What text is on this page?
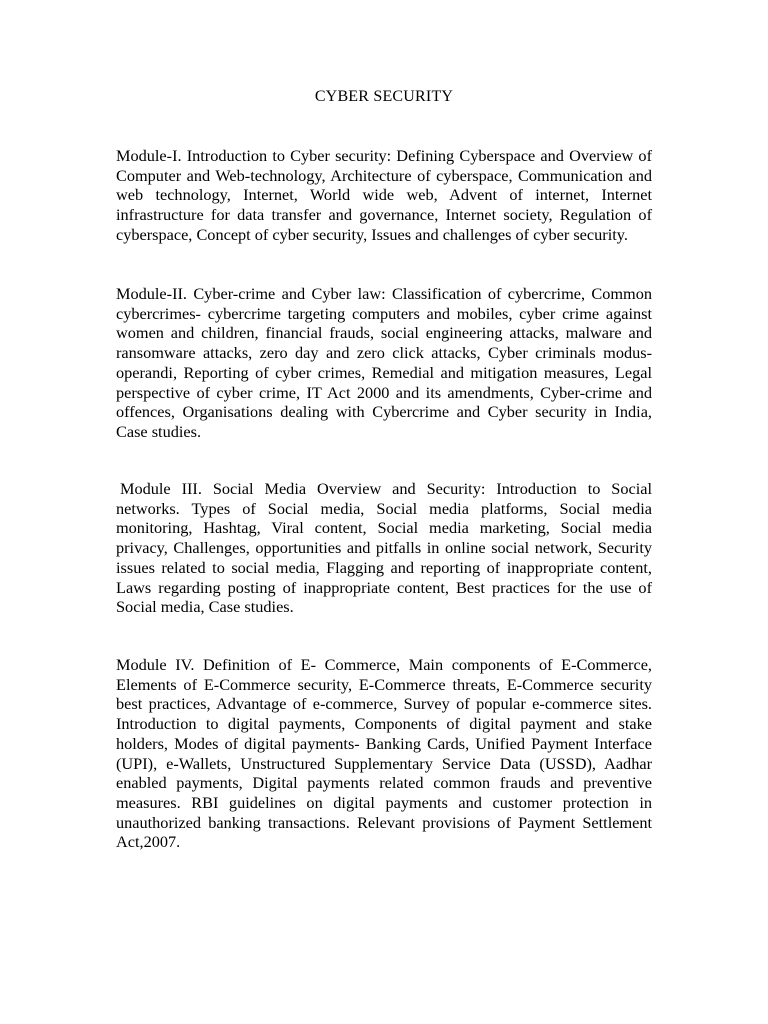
CYBER SECURITY

Module-I. Introduction to Cyber security: Defining Cyberspace and Overview of Computer and Web-technology, Architecture of cyberspace, Communication and web technology, Internet, World wide web, Advent of internet, Internet infrastructure for data transfer and governance, Internet society, Regulation of cyberspace, Concept of cyber security, Issues and challenges of cyber security.

Module-II. Cyber-crime and Cyber law: Classification of cybercrime, Common cybercrimes- cybercrime targeting computers and mobiles, cyber crime against women and children, financial frauds, social engineering attacks, malware and ransomware attacks, zero day and zero click attacks, Cyber criminals modus-operandi, Reporting of cyber crimes, Remedial and mitigation measures, Legal perspective of cyber crime, IT Act 2000 and its amendments, Cyber-crime and offences, Organisations dealing with Cybercrime and Cyber security in India, Case studies.

Module III. Social Media Overview and Security: Introduction to Social networks. Types of Social media, Social media platforms, Social media monitoring, Hashtag, Viral content, Social media marketing, Social media privacy, Challenges, opportunities and pitfalls in online social network, Security issues related to social media, Flagging and reporting of inappropriate content, Laws regarding posting of inappropriate content, Best practices for the use of Social media, Case studies.

Module IV. Definition of E- Commerce, Main components of E-Commerce, Elements of E-Commerce security, E-Commerce threats, E-Commerce security best practices, Advantage of e-commerce, Survey of popular e-commerce sites. Introduction to digital payments, Components of digital payment and stake holders, Modes of digital payments- Banking Cards, Unified Payment Interface (UPI), e-Wallets, Unstructured Supplementary Service Data (USSD), Aadhar enabled payments, Digital payments related common frauds and preventive measures. RBI guidelines on digital payments and customer protection in unauthorized banking transactions. Relevant provisions of Payment Settlement Act,2007.
